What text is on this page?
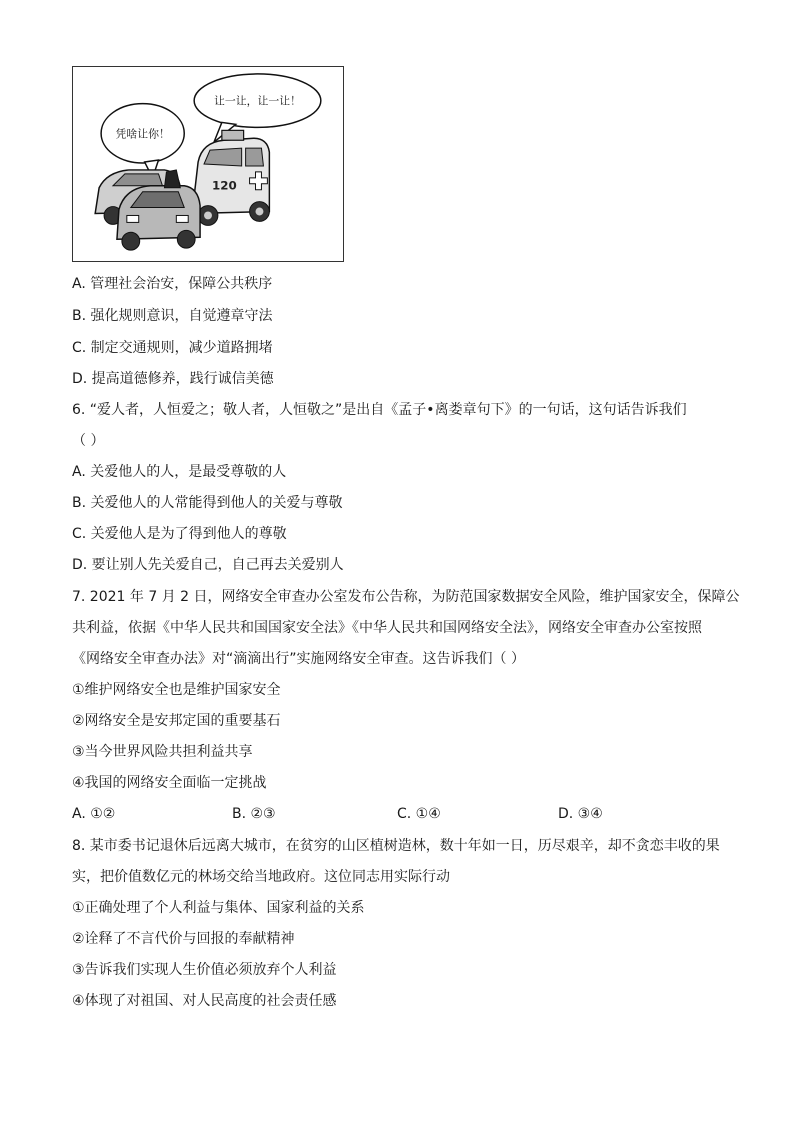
让一让，让一让！
凭啥让你！
120
A. 管理社会治安，保障公共秩序
B. 强化规则意识，自觉遵章守法
C. 制定交通规则，减少道路拥堵
D. 提高道德修养，践行诚信美德
6. “爱人者，人恒爱之；敬人者，人恒敬之”是出自《孟子•离娄章句下》的一句话，这句话告诉我们
（ ）
A. 关爱他人的人，是最受尊敬的人
B. 关爱他人的人常能得到他人的关爱与尊敬
C. 关爱他人是为了得到他人的尊敬
D. 要让别人先关爱自己，自己再去关爱别人
7. 2021 年 7 月 2 日，网络安全审查办公室发布公告称，为防范国家数据安全风险，维护国家安全，保障公
共利益，依据《中华人民共和国国家安全法》《中华人民共和国网络安全法》，网络安全审查办公室按照
《网络安全审查办法》对“滴滴出行”实施网络安全审查。这告诉我们（ ）
①维护网络安全也是维护国家安全
②网络安全是安邦定国的重要基石
③当今世界风险共担利益共享
④我国的网络安全面临一定挑战
A. ①②	B. ②③	C. ①④	D. ③④
8. 某市委书记退休后远离大城市，在贫穷的山区植树造林，数十年如一日，历尽艰辛，却不贪恋丰收的果
实，把价值数亿元的林场交给当地政府。这位同志用实际行动
①正确处理了个人利益与集体、国家利益的关系
②诠释了不言代价与回报的奉献精神
③告诉我们实现人生价值必须放弃个人利益
④体现了对祖国、对人民高度的社会责任感
